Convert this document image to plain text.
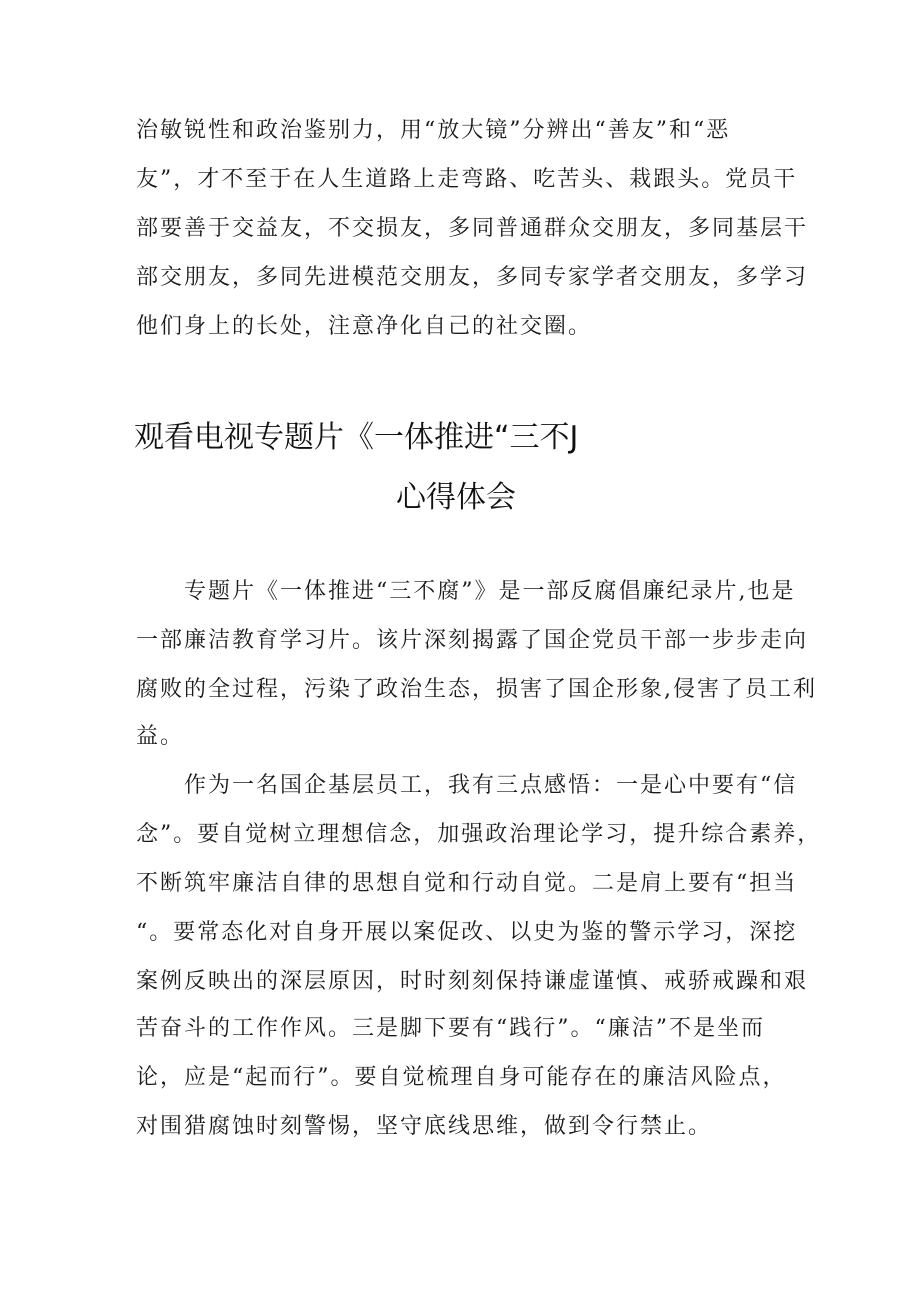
治敏锐性和政治鉴别力，用“放大镜”分辨出“善友”和“恶
友”，才不至于在人生道路上走弯路、吃苦头、栽跟头。党员干
部要善于交益友，不交损友，多同普通群众交朋友，多同基层干
部交朋友，多同先进模范交朋友，多同专家学者交朋友，多学习
他们身上的长处，注意净化自己的社交圈。
观看电视专题片《一体推进“三不J
心得体会
专题片《一体推进“三不腐”》是一部反腐倡廉纪录片,也是
一部廉洁教育学习片。该片深刻揭露了国企党员干部一步步走向
腐败的全过程，污染了政治生态，损害了国企形象,侵害了员工利
益。
作为一名国企基层员工，我有三点感悟：一是心中要有“信
念”。要自觉树立理想信念，加强政治理论学习，提升综合素养，
不断筑牢廉洁自律的思想自觉和行动自觉。二是肩上要有“担当
“。要常态化对自身开展以案促改、以史为鉴的警示学习，深挖
案例反映出的深层原因，时时刻刻保持谦虚谨慎、戒骄戒躁和艰
苦奋斗的工作作风。三是脚下要有“践行”。“廉洁”不是坐而
论，应是“起而行”。要自觉梳理自身可能存在的廉洁风险点，
对围猎腐蚀时刻警惕，坚守底线思维，做到令行禁止。
